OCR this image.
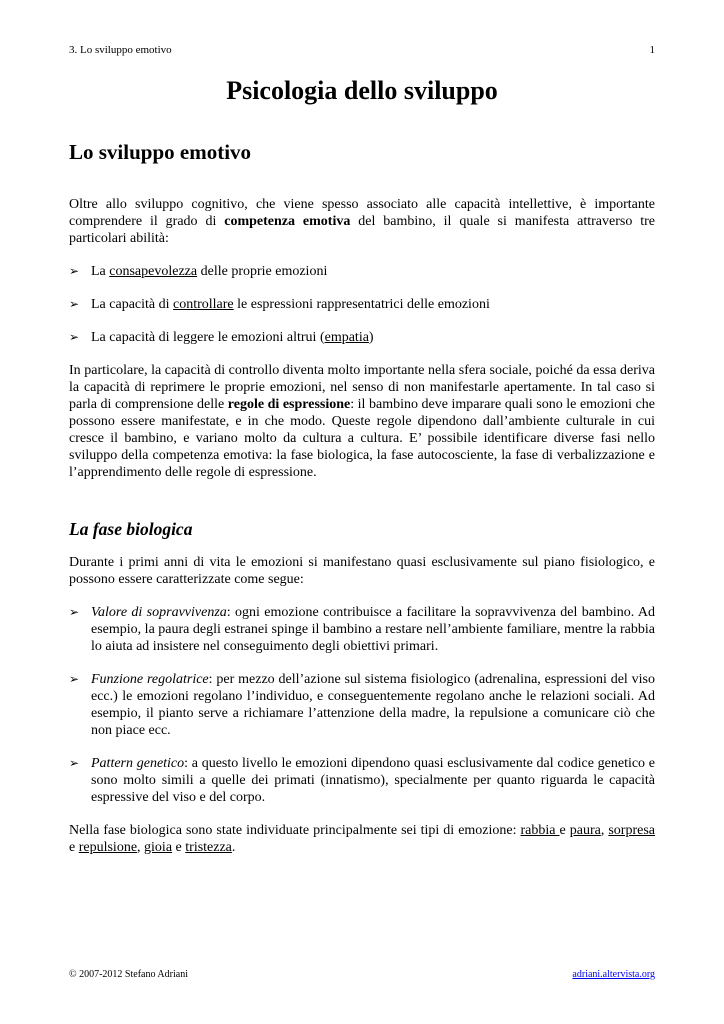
3. Lo sviluppo emotivo	1
Psicologia dello sviluppo
Lo sviluppo emotivo

Oltre allo sviluppo cognitivo, che viene spesso associato alle capacità intellettive, è importante comprendere il grado di competenza emotiva del bambino, il quale si manifesta attraverso tre particolari abilità:

➢ La consapevolezza delle proprie emozioni
➢ La capacità di controllare le espressioni rappresentatrici delle emozioni
➢ La capacità di leggere le emozioni altrui (empatia)

In particolare, la capacità di controllo diventa molto importante nella sfera sociale, poiché da essa deriva la capacità di reprimere le proprie emozioni, nel senso di non manifestarle apertamente. In tal caso si parla di comprensione delle regole di espressione: il bambino deve imparare quali sono le emozioni che possono essere manifestate, e in che modo. Queste regole dipendono dall’ambiente culturale in cui cresce il bambino, e variano molto da cultura a cultura. E’ possibile identificare diverse fasi nello sviluppo della competenza emotiva: la fase biologica, la fase autocosciente, la fase di verbalizzazione e l’apprendimento delle regole di espressione.

La fase biologica

Durante i primi anni di vita le emozioni si manifestano quasi esclusivamente sul piano fisiologico, e possono essere caratterizzate come segue:

➢ Valore di sopravvivenza: ogni emozione contribuisce a facilitare la sopravvivenza del bambino. Ad esempio, la paura degli estranei spinge il bambino a restare nell’ambiente familiare, mentre la rabbia lo aiuta ad insistere nel conseguimento degli obiettivi primari.
➢ Funzione regolatrice: per mezzo dell’azione sul sistema fisiologico (adrenalina, espressioni del viso ecc.) le emozioni regolano l’individuo, e conseguentemente regolano anche le relazioni sociali. Ad esempio, il pianto serve a richiamare l’attenzione della madre, la repulsione a comunicare ciò che non piace ecc.
➢ Pattern genetico: a questo livello le emozioni dipendono quasi esclusivamente dal codice genetico e sono molto simili a quelle dei primati (innatismo), specialmente per quanto riguarda le capacità espressive del viso e del corpo.

Nella fase biologica sono state individuate principalmente sei tipi di emozione: rabbia e paura, sorpresa e repulsione, gioia e tristezza.

© 2007-2012 Stefano Adriani	adriani.altervista.org
